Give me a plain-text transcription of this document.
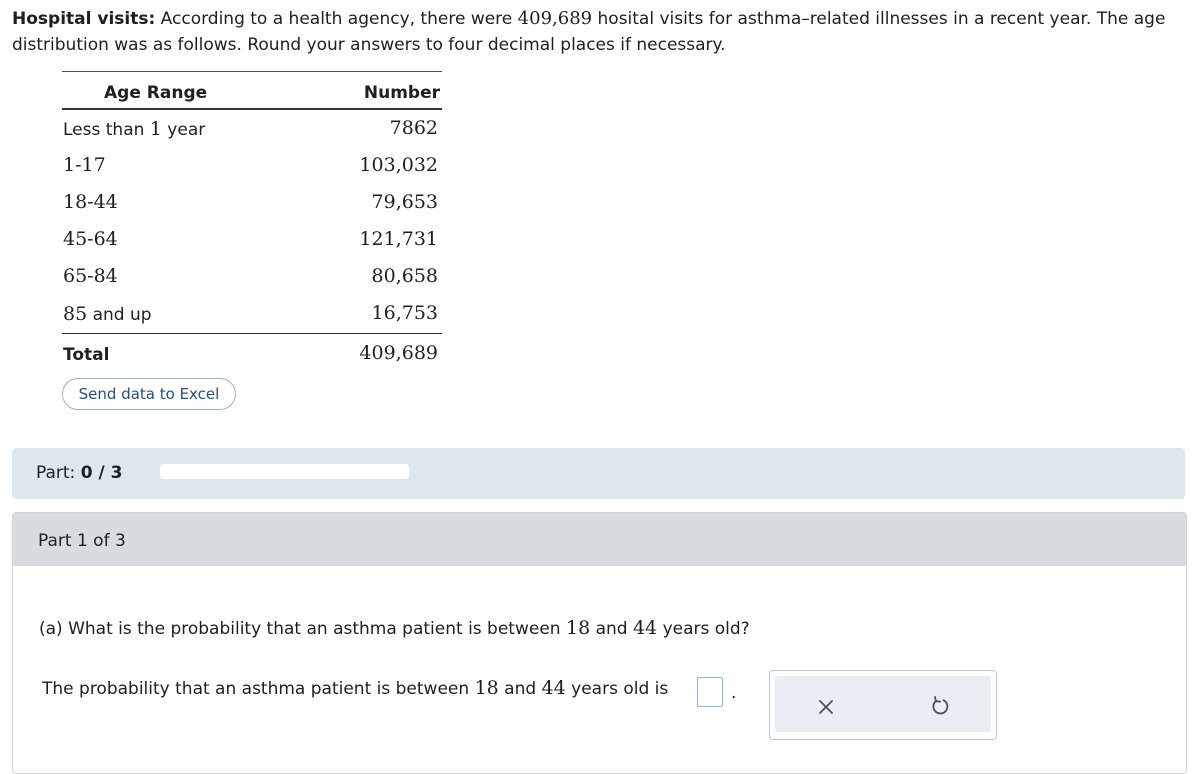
Hospital visits: According to a health agency, there were 409,689 hosital visits for asthma–related illnesses in a recent year. The age distribution was as follows. Round your answers to four decimal places if necessary.
Age Range	Number
Less than 1 year	7862
1-17	103,032
18-44	79,653
45-64	121,731
65-84	80,658
85 and up	16,753
Total	409,689
Send data to Excel
Part: 0 / 3
Part 1 of 3
(a) What is the probability that an asthma patient is between 18 and 44 years old?
The probability that an asthma patient is between 18 and 44 years old is	.
